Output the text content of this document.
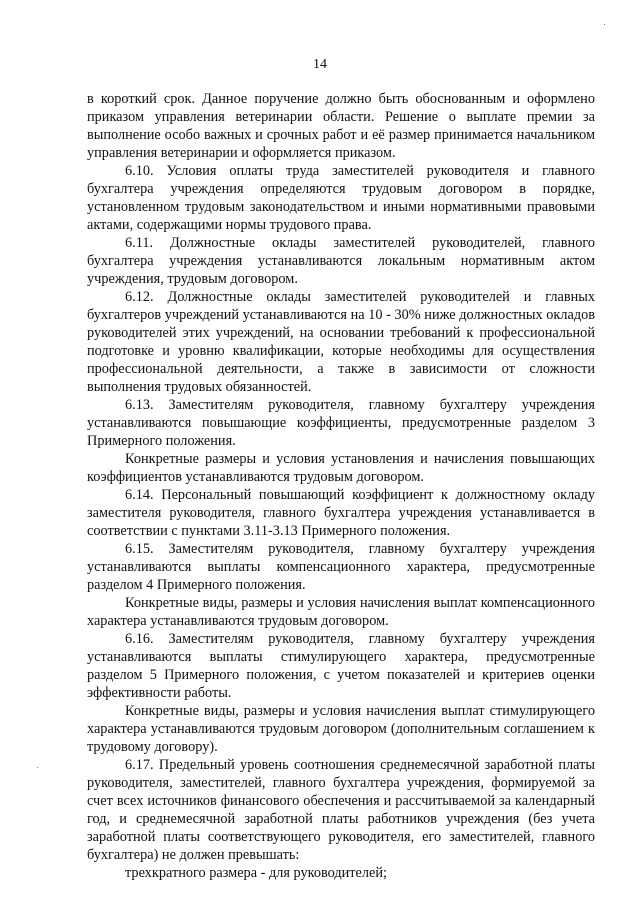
14

в короткий срок. Данное поручение должно быть обоснованным и оформлено приказом управления ветеринарии области. Решение о выплате премии за выполнение особо важных и срочных работ и её размер принимается начальником управления ветеринарии и оформляется приказом.

6.10. Условия оплаты труда заместителей руководителя и главного бухгалтера учреждения определяются трудовым договором в порядке, установленном трудовым законодательством и иными нормативными правовыми актами, содержащими нормы трудового права.

6.11. Должностные оклады заместителей руководителей, главного бухгалтера учреждения устанавливаются локальным нормативным актом учреждения, трудовым договором.

6.12. Должностные оклады заместителей руководителей и главных бухгалтеров учреждений устанавливаются на 10 - 30% ниже должностных окладов руководителей этих учреждений, на основании требований к профессиональной подготовке и уровню квалификации, которые необходимы для осуществления профессиональной деятельности, а также в зависимости от сложности выполнения трудовых обязанностей.

6.13. Заместителям руководителя, главному бухгалтеру учреждения устанавливаются повышающие коэффициенты, предусмотренные разделом 3 Примерного положения.

Конкретные размеры и условия установления и начисления повышающих коэффициентов устанавливаются трудовым договором.

6.14. Персональный повышающий коэффициент к должностному окладу заместителя руководителя, главного бухгалтера учреждения устанавливается в соответствии с пунктами 3.11-3.13 Примерного положения.

6.15. Заместителям руководителя, главному бухгалтеру учреждения устанавливаются выплаты компенсационного характера, предусмотренные разделом 4 Примерного положения.

Конкретные виды, размеры и условия начисления выплат компенсационного характера устанавливаются трудовым договором.

6.16. Заместителям руководителя, главному бухгалтеру учреждения устанавливаются выплаты стимулирующего характера, предусмотренные разделом 5 Примерного положения, с учетом показателей и критериев оценки эффективности работы.

Конкретные виды, размеры и условия начисления выплат стимулирующего характера устанавливаются трудовым договором (дополнительным соглашением к трудовому договору).

6.17. Предельный уровень соотношения среднемесячной заработной платы руководителя, заместителей, главного бухгалтера учреждения, формируемой за счет всех источников финансового обеспечения и рассчитываемой за календарный год, и среднемесячной заработной платы работников учреждения (без учета заработной платы соответствующего руководителя, его заместителей, главного бухгалтера) не должен превышать:

трехкратного размера - для руководителей;
